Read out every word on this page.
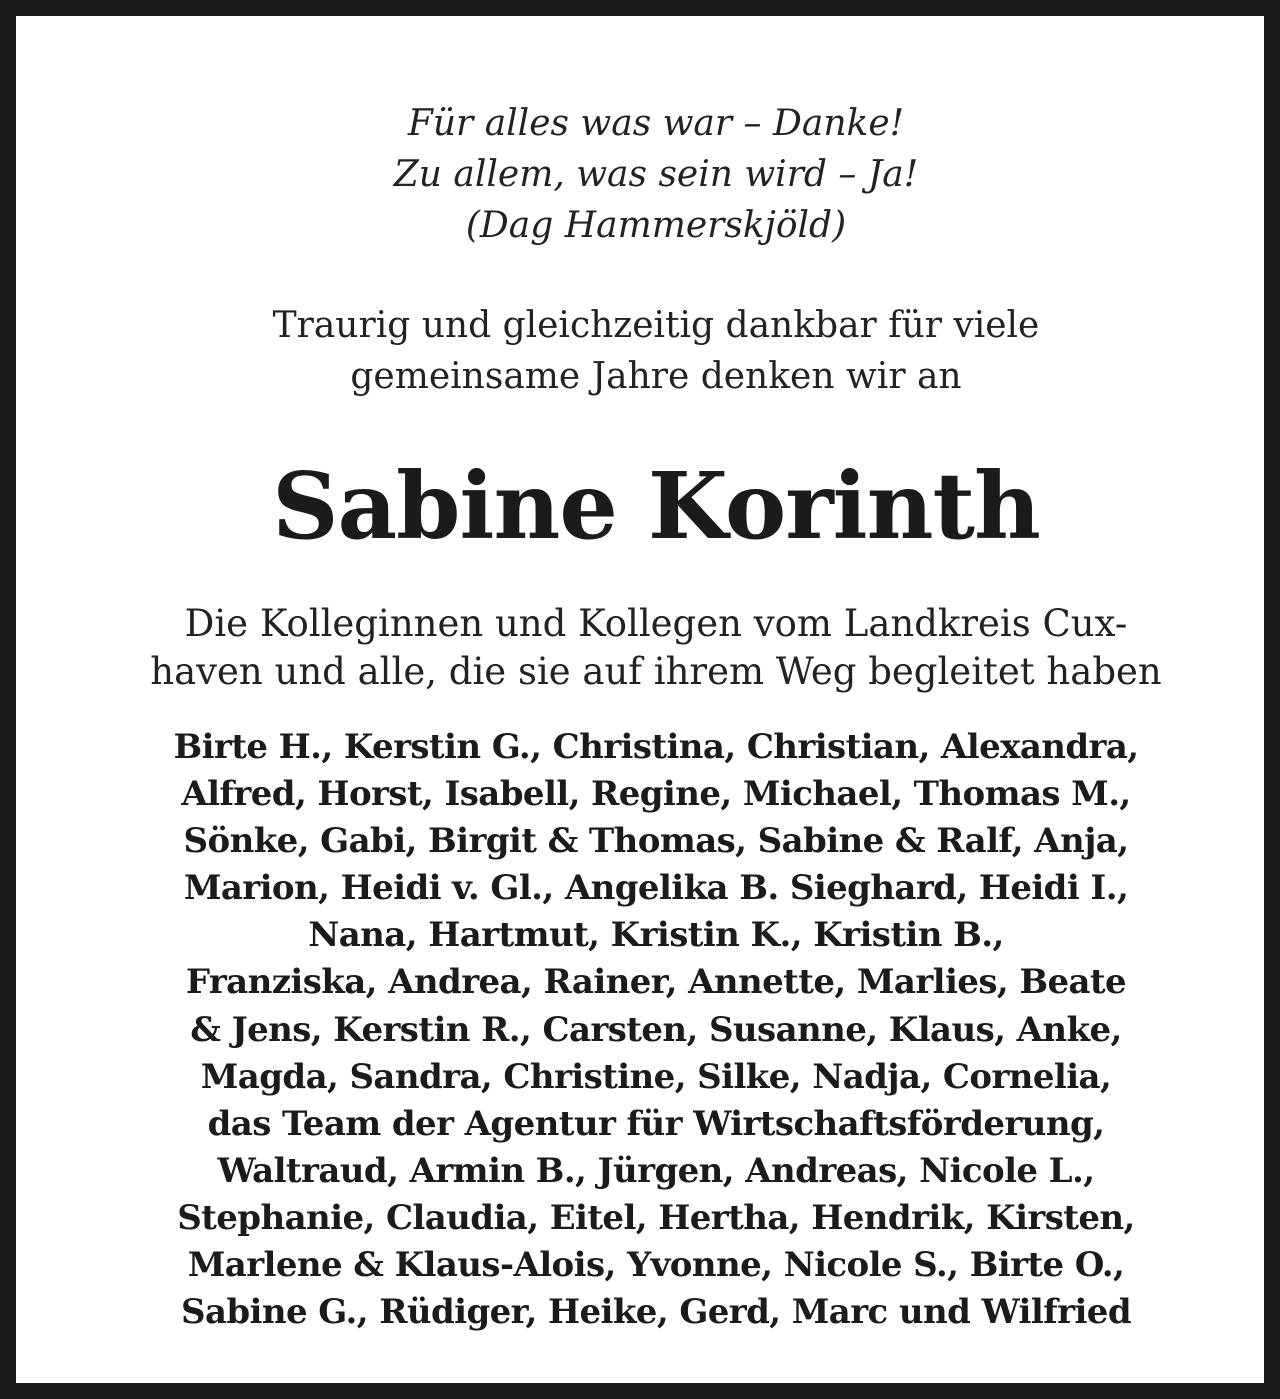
Für alles was war – Danke!
Zu allem, was sein wird – Ja!
(Dag Hammerskjöld)
Traurig und gleichzeitig dankbar für viele
gemeinsame Jahre denken wir an
Sabine Korinth
Die Kolleginnen und Kollegen vom Landkreis Cux-
haven und alle, die sie auf ihrem Weg begleitet haben
Birte H., Kerstin G., Christina, Christian, Alexandra,
Alfred, Horst, Isabell, Regine, Michael, Thomas M.,
Sönke, Gabi, Birgit & Thomas, Sabine & Ralf, Anja,
Marion, Heidi v. Gl., Angelika B. Sieghard, Heidi I.,
Nana, Hartmut, Kristin K., Kristin B.,
Franziska, Andrea, Rainer, Annette, Marlies, Beate
& Jens, Kerstin R., Carsten, Susanne, Klaus, Anke,
Magda, Sandra, Christine, Silke, Nadja, Cornelia,
das Team der Agentur für Wirtschaftsförderung,
Waltraud, Armin B., Jürgen, Andreas, Nicole L.,
Stephanie, Claudia, Eitel, Hertha, Hendrik, Kirsten,
Marlene & Klaus-Alois, Yvonne, Nicole S., Birte O.,
Sabine G., Rüdiger, Heike, Gerd, Marc und Wilfried
